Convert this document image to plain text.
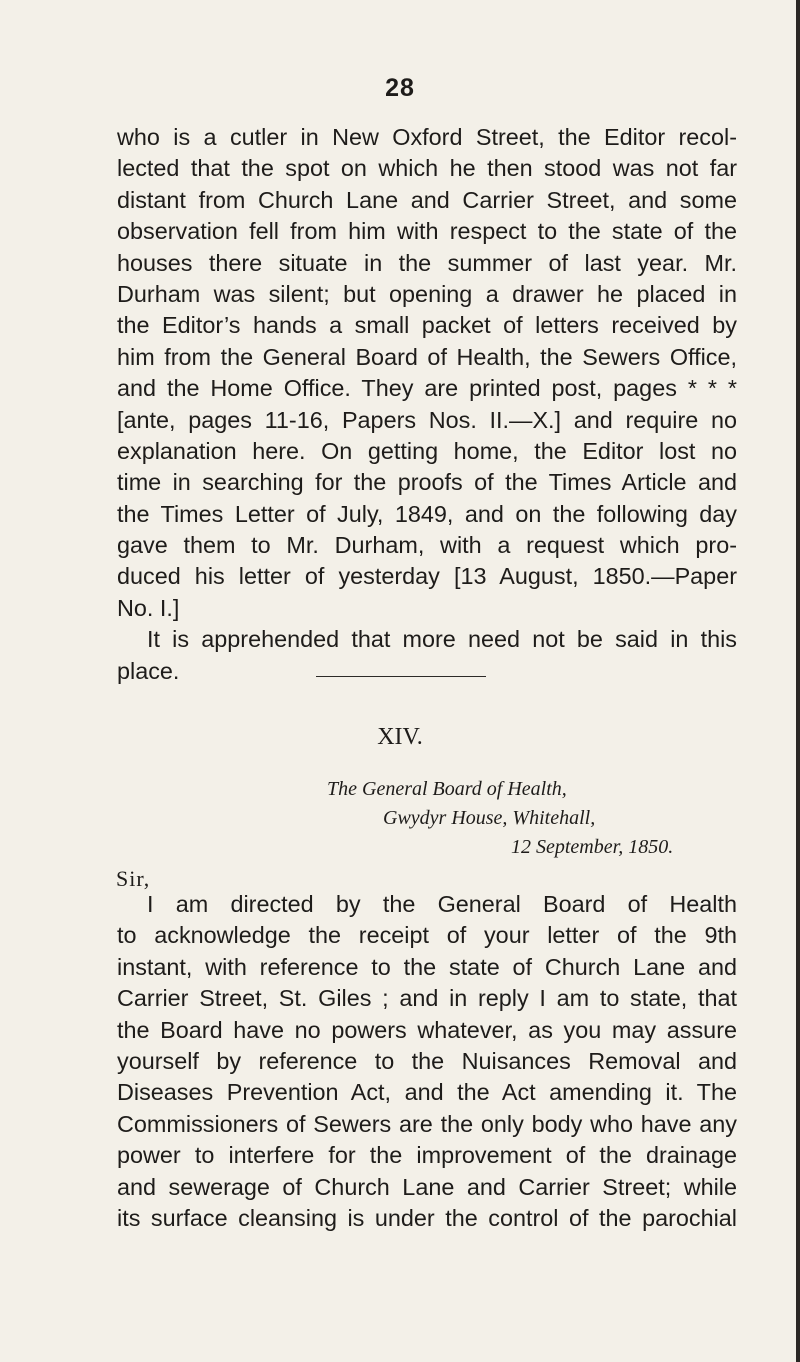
28
who is a cutler in New Oxford Street, the Editor recol-
lected that the spot on which he then stood was not far
distant from Church Lane and Carrier Street, and some
observation fell from him with respect to the state of the
houses there situate in the summer of last year. Mr.
Durham was silent; but opening a drawer he placed in
the Editor’s hands a small packet of letters received by
him from the General Board of Health, the Sewers Office,
and the Home Office. They are printed post, pages * * *
[ante, pages 11-16, Papers Nos. II.—X.] and require no
explanation here. On getting home, the Editor lost no
time in searching for the proofs of the Times Article and
the Times Letter of July, 1849, and on the following day
gave them to Mr. Durham, with a request which pro-
duced his letter of yesterday [13 August, 1850.—Paper
No. I.]
It is apprehended that more need not be said in this
place.
XIV.
The General Board of Health,
Gwydyr House, Whitehall,
12 September, 1850.
Sir,
I am directed by the General Board of Health
to acknowledge the receipt of your letter of the 9th
instant, with reference to the state of Church Lane and
Carrier Street, St. Giles ; and in reply I am to state, that
the Board have no powers whatever, as you may assure
yourself by reference to the Nuisances Removal and
Diseases Prevention Act, and the Act amending it. The
Commissioners of Sewers are the only body who have any
power to interfere for the improvement of the drainage
and sewerage of Church Lane and Carrier Street; while
its surface cleansing is under the control of the parochial
